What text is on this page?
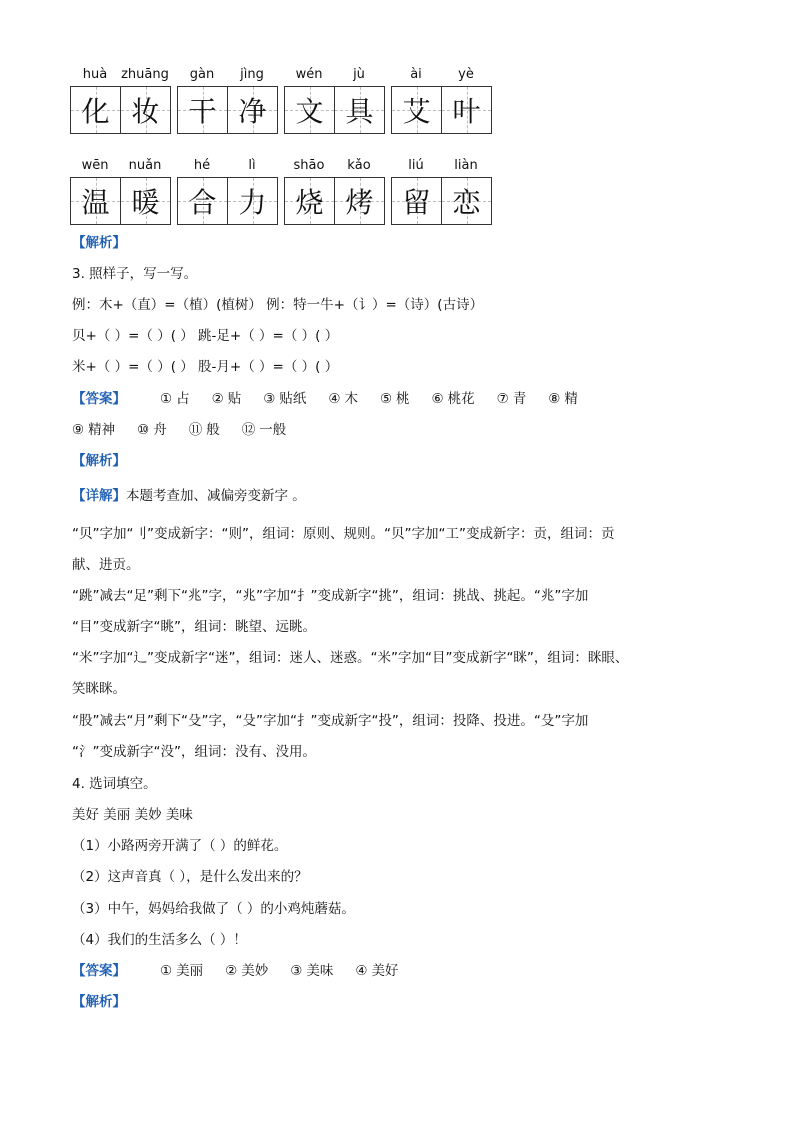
huà	zhuāng
化 妆
gàn	jìng
干 净
wén	jù
文 具
ài	yè
艾 叶
wēn	nuǎn
温 暖
hé	lì
合 力
shāo	kǎo
烧 烤
liú	liàn
留 恋
【解析】
3. 照样子，写一写。
例：木+（直）=（植）(植树） 例：特一牛+（讠）=（诗）(古诗）
贝+（ ）=（ ）( ） 跳-足+（ ）=（ ）( ）
米+（ ）=（ ）( ） 股-月+（ ）=（ ）( ）
【答案】	① 占 ② 贴 ③ 贴纸 ④ 木 ⑤ 桃 ⑥ 桃花 ⑦ 青 ⑧ 精
⑨ 精神 ⑩ 舟 ⑪ 般 ⑫ 一般
【解析】
【详解】本题考查加、减偏旁变新字 。
“贝”字加“刂”变成新字：“则”，组词：原则、规则。“贝”字加“工”变成新字：贡，组词：贡
献、进贡。
“跳”减去“足”剩下“兆”字，“兆”字加“扌”变成新字“挑”，组词：挑战、挑起。“兆”字加
“目”变成新字“眺”，组词：眺望、远眺。
“米”字加“辶”变成新字“迷”，组词：迷人、迷惑。“米”字加“目”变成新字“眯”，组词：眯眼、
笑眯眯。
“股”减去“月”剩下“殳”字，“殳”字加“扌”变成新字“投”，组词：投降、投进。“殳”字加
“氵”变成新字“没”，组词：没有、没用。
4. 选词填空。
美好 美丽 美妙 美味
（1）小路两旁开满了（ ）的鲜花。
（2）这声音真（ ），是什么发出来的？
（3）中午，妈妈给我做了（ ）的小鸡炖蘑菇。
（4）我们的生活多么（ ）！
【答案】	① 美丽 ② 美妙 ③ 美味 ④ 美好
【解析】
